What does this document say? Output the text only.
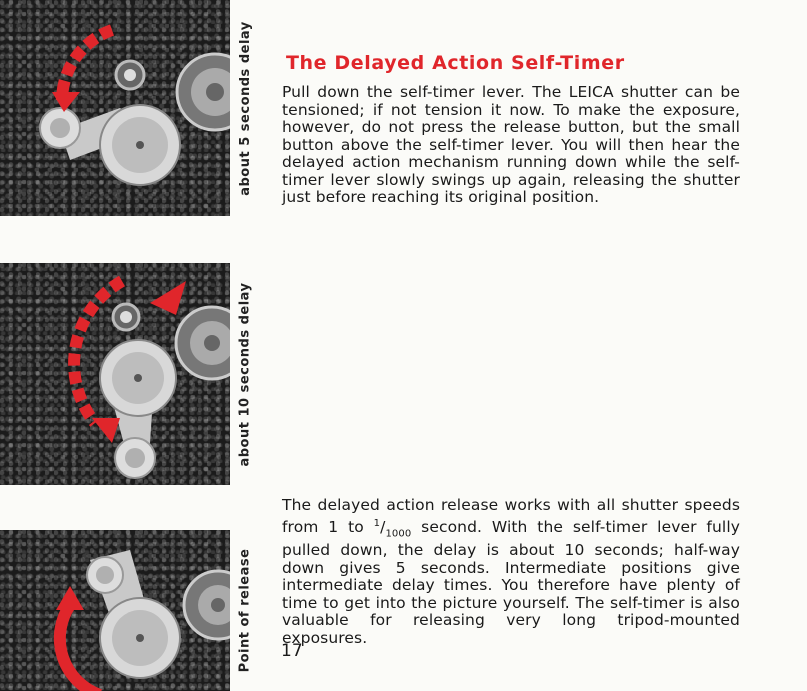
about 5 seconds delay
about 10 seconds delay
Point of release
The Delayed Action Self-Timer

Pull down the self-timer lever. The LEICA shutter can be tensioned; if not tension it now. To make the exposure, however, do not press the release button, but the small button above the self-timer lever. You will then hear the delayed action mechanism running down while the self-timer lever slowly swings up again, releasing the shutter just before reaching its original position.

The delayed action release works with all shutter speeds from 1 to $^1/_{1000}$ second. With the self-timer lever fully pulled down, the delay is about 10 seconds; half-way down gives 5 seconds. Intermediate positions give intermediate delay times. You therefore have plenty of time to get into the picture yourself. The self-timer is also valuable for releasing very long tripod-mounted exposures.

17
